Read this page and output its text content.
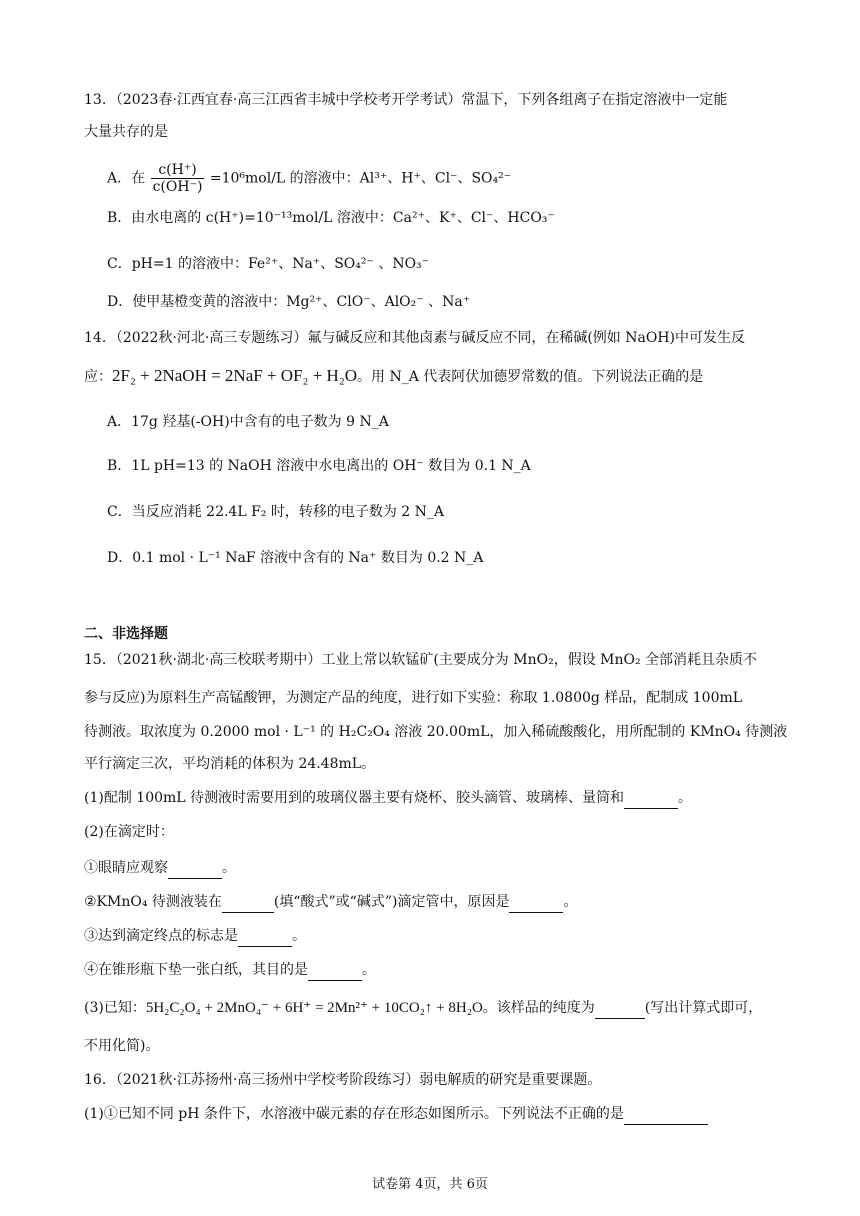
13．（2023春·江西宜春·高三江西省丰城中学校考开学考试）常温下，下列各组离子在指定溶液中一定能
大量共存的是
A．在 $\frac{c(H^+)}{c(OH^-)} =10^6mol/L$ 的溶液中：Al³⁺、H⁺、Cl⁻、SO₄²⁻
B．由水电离的 c(H⁺)=10⁻¹³mol/L 溶液中：Ca²⁺、K⁺、Cl⁻、HCO₃⁻
C．pH=1 的溶液中：Fe²⁺、Na⁺、SO₄²⁻ 、NO₃⁻
D．使甲基橙变黄的溶液中：Mg²⁺、ClO⁻、AlO₂⁻ 、Na⁺
14．（2022秋·河北·高三专题练习）氟与碱反应和其他卤素与碱反应不同，在稀碱(例如 NaOH)中可发生反
应：2F₂ + 2NaOH = 2NaF + OF₂ + H₂O。用 N_A 代表阿伏加德罗常数的值。下列说法正确的是
A．17g 羟基(-OH)中含有的电子数为 9 N_A
B．1L pH=13 的 NaOH 溶液中水电离出的 OH⁻ 数目为 0.1 N_A
C．当反应消耗 22.4L F₂ 时，转移的电子数为 2 N_A
D．0.1 mol · L⁻¹ NaF 溶液中含有的 Na⁺ 数目为 0.2 N_A
二、非选择题
15．（2021秋·湖北·高三校联考期中）工业上常以软锰矿(主要成分为 MnO₂，假设 MnO₂ 全部消耗且杂质不
参与反应)为原料生产高锰酸钾，为测定产品的纯度，进行如下实验：称取 1.0800g 样品，配制成 100mL
待测液。取浓度为 0.2000 mol · L⁻¹ 的 H₂C₂O₄ 溶液 20.00mL，加入稀硫酸酸化，用所配制的 KMnO₄ 待测液
平行滴定三次，平均消耗的体积为 24.48mL。
(1)配制 100mL 待测液时需要用到的玻璃仪器主要有烧杯、胶头滴管、玻璃棒、量筒和	。
(2)在滴定时：
①眼睛应观察	。
②KMnO₄ 待测液装在	(填“酸式”或“碱式”)滴定管中，原因是	。
③达到滴定终点的标志是	。
④在锥形瓶下垫一张白纸，其目的是	。
(3)已知：5H₂C₂O₄ + 2MnO₄⁻ + 6H⁺ = 2Mn²⁺ + 10CO₂↑ + 8H₂O。该样品的纯度为	(写出计算式即可，
不用化简)。
16．（2021秋·江苏扬州·高三扬州中学校考阶段练习）弱电解质的研究是重要课题。
(1)①已知不同 pH 条件下，水溶液中碳元素的存在形态如图所示。下列说法不正确的是
试卷第 4页，共 6页
